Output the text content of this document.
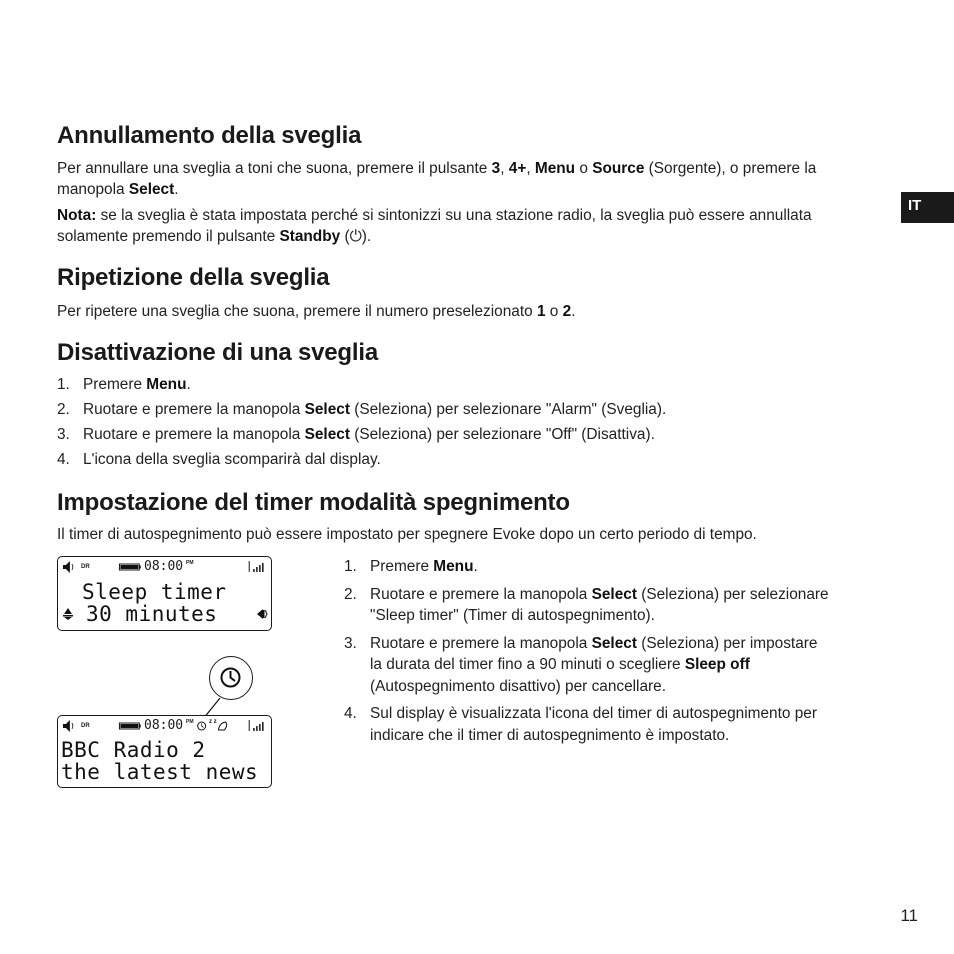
Annullamento della sveglia

Per annullare una sveglia a toni che suona, premere il pulsante 3, 4+, Menu o Source (Sorgente), o premere la

manopola Select.

Nota: se la sveglia è stata impostata perché si sintonizzi su una stazione radio, la sveglia può essere annullata

solamente premendo il pulsante Standby (⏻).

Ripetizione della sveglia

Per ripetere una sveglia che suona, premere il numero preselezionato 1 o 2.

Disattivazione di una sveglia
1. Premere Menu.
2. Ruotare e premere la manopola Select (Seleziona) per selezionare "Alarm" (Sveglia).
3. Ruotare e premere la manopola Select (Seleziona) per selezionare "Off" (Disattiva).
4. L'icona della sveglia scomparirà dal display.
Impostazione del timer modalità spegnimento

Il timer di autospegnimento può essere impostato per spegnere Evoke dopo un certo periodo di tempo.

1. Premere Menu.
2. Ruotare e premere la manopola Select (Seleziona) per selezionare
"Sleep timer" (Timer di autospegnimento).
3. Ruotare e premere la manopola Select (Seleziona) per impostare
la durata del timer fino a 90 minuti o scegliere Sleep off
(Autospegnimento disattivo) per cancellare.
4. Sul display è visualizzata l'icona del timer di autospegnimento per
indicare che il timer di autospegnimento è impostato.
IT
DR	08:00 PM
Sleep timer
30 minutes
DR	08:00 PM	z z
BBC Radio 2
the latest news
11
